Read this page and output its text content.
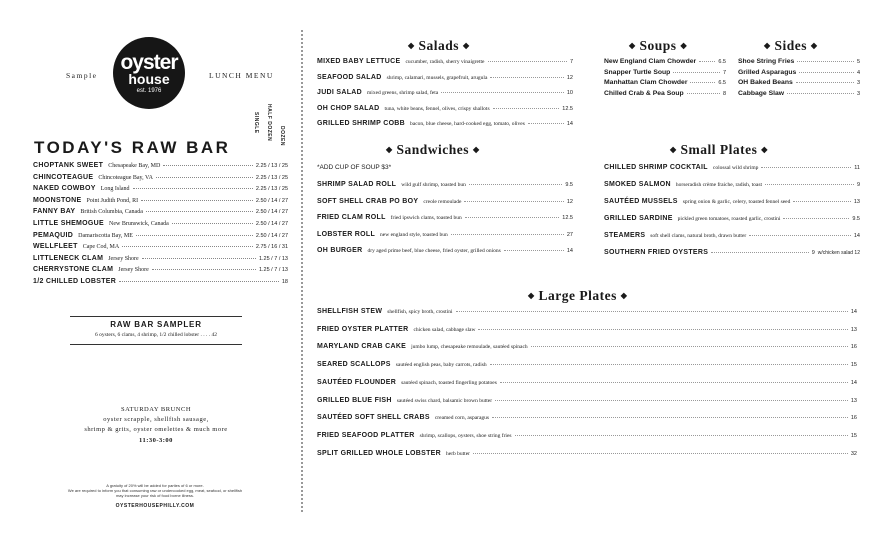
Sample
oyster
house
est. 1976
LUNCH MENU
SINGLE HALF DOZEN DOZEN
TODAY'S RAW BAR
CHOPTANK SWEET Chesapeake Bay, MD	2.25 / 13 / 25
CHINCOTEAGUE Chincoteague Bay, VA	2.25 / 13 / 25
NAKED COWBOY Long Island	2.25 / 13 / 25
MOONSTONE Point Judith Pond, RI	2.50 / 14 / 27
FANNY BAY British Columbia, Canada	2.50 / 14 / 27
LITTLE SHEMOGUE New Brunswick, Canada	2.50 / 14 / 27
PEMAQUID Damariscotta Bay, ME	2.50 / 14 / 27
WELLFLEET Cape Cod, MA	2.75 / 16 / 31
LITTLENECK CLAM Jersey Shore	1.25 / 7 / 13
CHERRYSTONE CLAM Jersey Shore	1.25 / 7 / 13
1/2 CHILLED LOBSTER	18
RAW BAR SAMPLER
6 oysters, 6 clams, 4 shrimp, 1/2 chilled lobster . . . . 42
SATURDAY BRUNCH
oyster scrapple, shellfish sausage,
shrimp & grits, oyster omelettes & much more
11:30-3:00
A gratuity of 20% will be added for parties of 6 or more.
We are required to inform you that consuming raw or undercooked egg, meat, seafood, or shellfish
may increase your risk of food borne illness.
OYSTERHOUSEPHILLY.COM
◆ Salads ◆	◆ Soups ◆	◆ Sides ◆
◆ Sandwiches ◆	◆ Small Plates ◆
◆ Large Plates ◆
*ADD CUP OF SOUP $3*
MIXED BABY LETTUCE cucumber, radish, sherry vinaigrette	7
SEAFOOD SALAD shrimp, calamari, mussels, grapefruit, arugula	12
JUDI SALAD mixed greens, shrimp salad, feta	10
OH CHOP SALAD tuna, white beans, fennel, olives, crispy shallots	12.5
GRILLED SHRIMP COBB bacon, blue cheese, hard-cooked egg, tomato, olives	14
New England Clam Chowder	6.5
Snapper Turtle Soup	7
Manhattan Clam Chowder	6.5
Chilled Crab & Pea Soup	8
Shoe String Fries	5
Grilled Asparagus	4
OH Baked Beans	3
Cabbage Slaw	3
SHRIMP SALAD ROLL wild gulf shrimp, toasted bun	9.5
SOFT SHELL CRAB PO BOY creole remoulade	12
FRIED CLAM ROLL fried ipswich clams, toasted bun	12.5
LOBSTER ROLL new england style, toasted bun	27
OH BURGER dry aged prime beef, blue cheese, fried oyster, grilled onions	14
CHILLED SHRIMP COCKTAIL colossal wild shrimp	11
SMOKED SALMON horseradish crème fraiche, radish, toast	9
SAUTÉED MUSSELS spring onion & garlic, celery, toasted fennel seed	13
GRILLED SARDINE pickled green tomatoes, roasted garlic, crostini	9.5
STEAMERS soft shell clams, natural broth, drawn butter	14
SOUTHERN FRIED OYSTERS	9 w/chicken salad 12
SHELLFISH STEW shellfish, spicy broth, crostini	14
FRIED OYSTER PLATTER chicken salad, cabbage slaw	13
MARYLAND CRAB CAKE jumbo lump, chesapeake remoulade, sautéed spinach	16
SEARED SCALLOPS sautéed english peas, baby carrots, radish	15
SAUTÉED FLOUNDER sautéed spinach, toasted fingerling potatoes	14
GRILLED BLUE FISH sautéed swiss chard, balsamic brown butter	13
SAUTÉED SOFT SHELL CRABS creamed corn, asparagus	16
FRIED SEAFOOD PLATTER shrimp, scallops, oysters, shoe string fries	15
SPLIT GRILLED WHOLE LOBSTER herb butter	32
